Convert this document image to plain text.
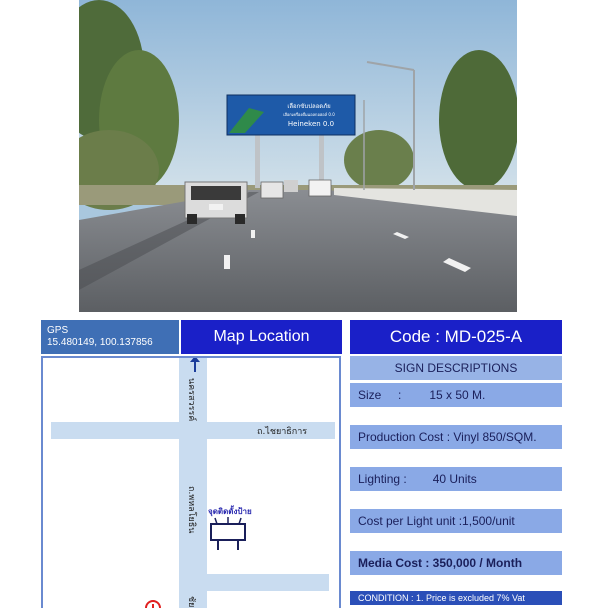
เลือกขับปลอดภัย
เลือกเครื่องดื่มแอลกอฮอล์ 0.0
Heineken 0.0
GPS
15.480149, 100.137856	Map Location
นครสวรรค์
ถ.พหลโยธิน
ชัย
ถ.ไชยาธิการ
จุดติดตั้งป้าย
Code : MD-025-A
SIGN DESCRIPTIONS
Size     : 15 x 50 M.
Production Cost : Vinyl 850/SQM.
Lighting : 40 Units
Cost per Light unit :1,500/unit
Media Cost : 350,000 / Month
CONDITION : 1. Price is excluded 7% Vat
